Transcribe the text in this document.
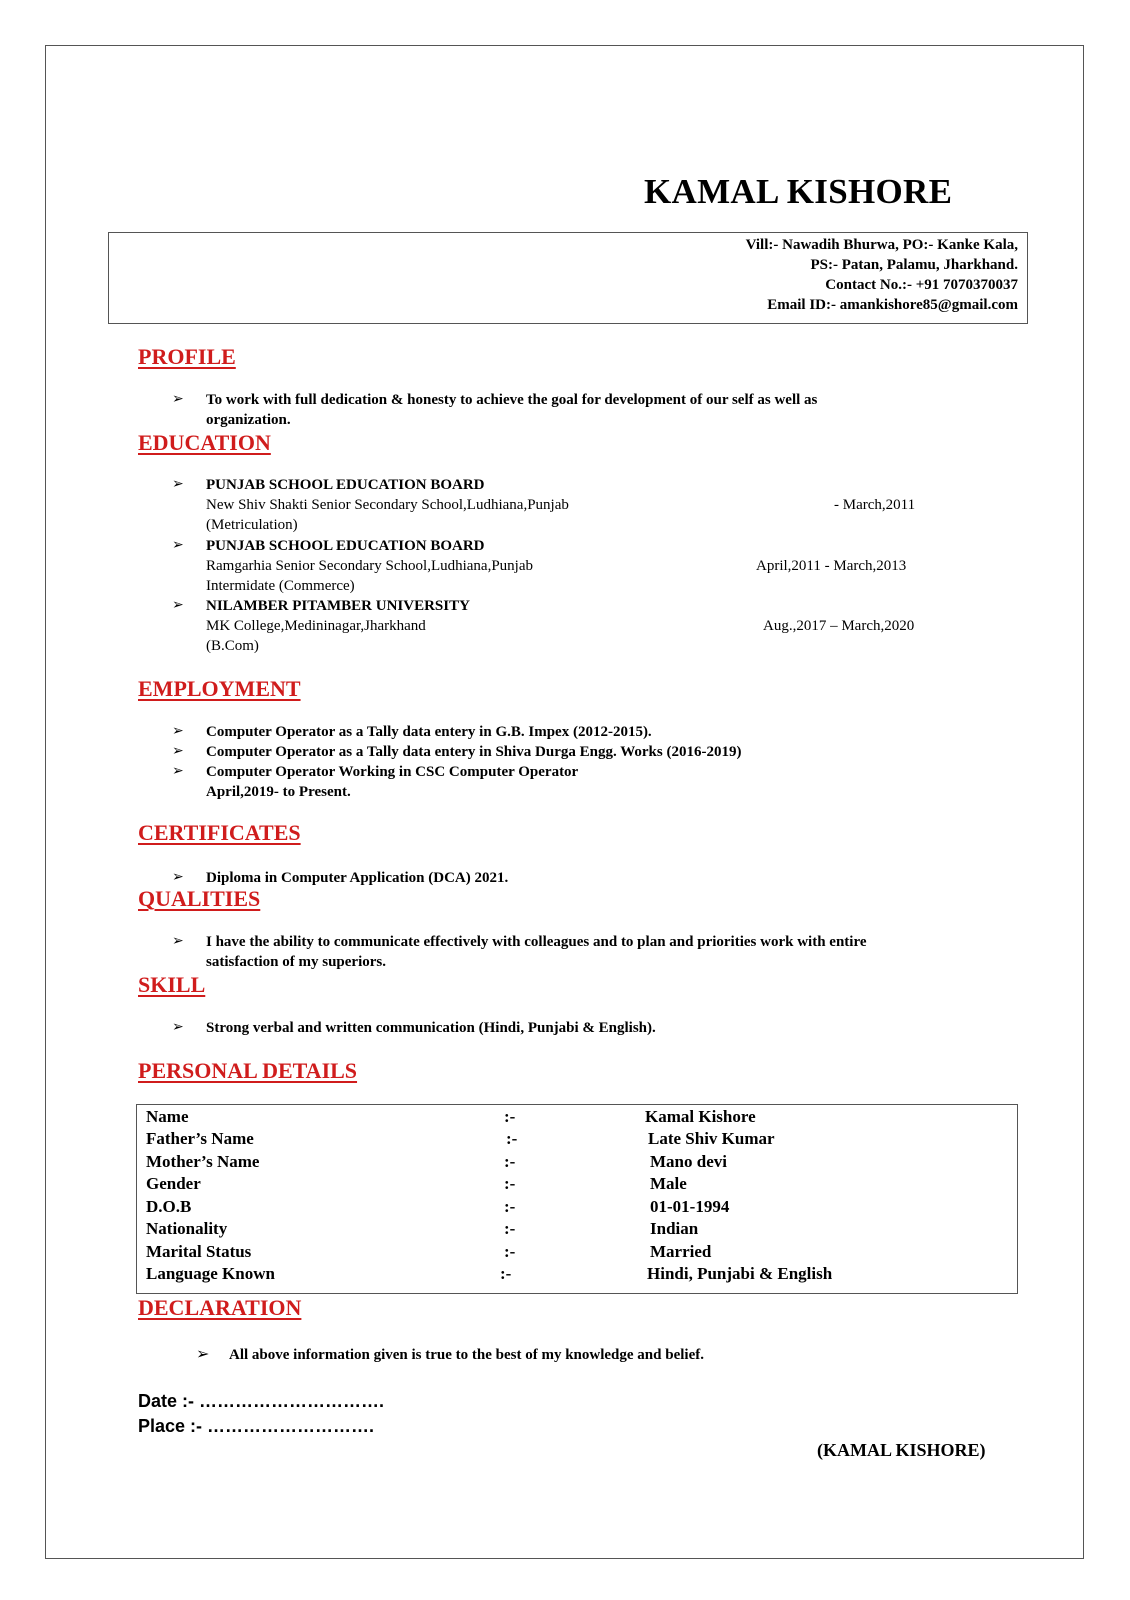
KAMAL KISHORE
Vill:- Nawadih Bhurwa, PO:- Kanke Kala,
PS:- Patan, Palamu, Jharkhand.
Contact No.:- +91 7070370037
Email ID:- amankishore85@gmail.com
PROFILE
➢ To work with full dedication & honesty to achieve the goal for development of our self as well as
organization.
EDUCATION
➢ PUNJAB SCHOOL EDUCATION BOARD
New Shiv Shakti Senior Secondary School,Ludhiana,Punjab	- March,2011
(Metriculation)
➢ PUNJAB SCHOOL EDUCATION BOARD
Ramgarhia Senior Secondary School,Ludhiana,Punjab	April,2011 - March,2013
Intermidate (Commerce)
➢ NILAMBER PITAMBER UNIVERSITY
MK College,Medininagar,Jharkhand	Aug.,2017 – March,2020
(B.Com)
EMPLOYMENT
➢ Computer Operator as a Tally data entery in G.B. Impex (2012-2015).
➢ Computer Operator as a Tally data entery in Shiva Durga Engg. Works (2016-2019)
➢ Computer Operator Working in CSC Computer Operator
April,2019- to Present.
CERTIFICATES
➢ Diploma in Computer Application (DCA) 2021.
QUALITIES
➢ I have the ability to communicate effectively with colleagues and to plan and priorities work with entire
satisfaction of my superiors.
SKILL
➢ Strong verbal and written communication (Hindi, Punjabi & English).
PERSONAL DETAILS
Name	:-	Kamal Kishore
Father’s Name	:-	Late Shiv Kumar
Mother’s Name	:-	Mano devi
Gender	:-	Male
D.O.B	:-	01-01-1994
Nationality	:-	Indian
Marital Status	:-	Married
Language Known	:-	Hindi, Punjabi & English
DECLARATION
➢ All above information given is true to the best of my knowledge and belief.
Date :- ………………………….
Place :- ……………………….
(KAMAL KISHORE)
